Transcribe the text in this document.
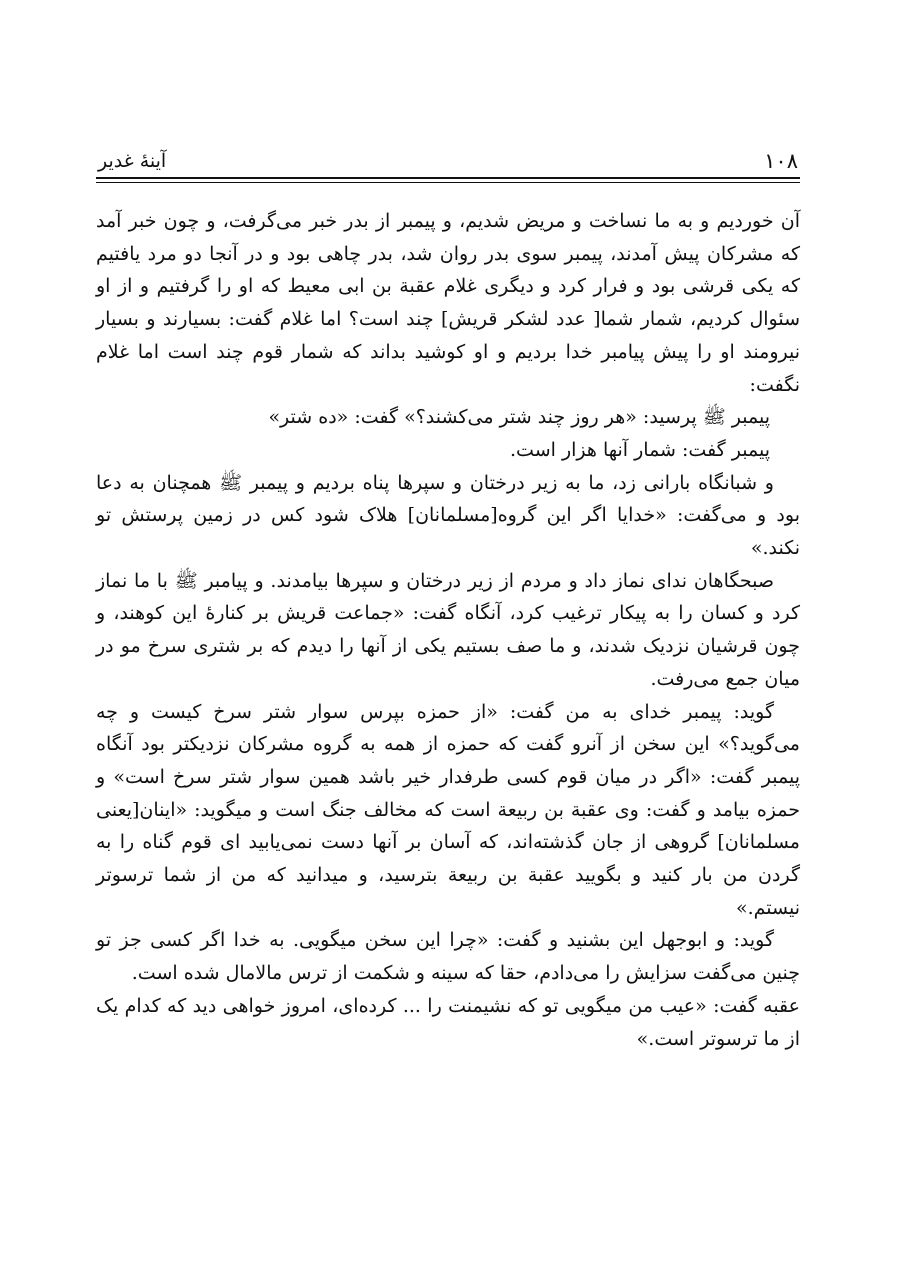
۱۰۸
آینهٔ غدیر

آن خوردیم و به ما نساخت و مریض شدیم، و پیمبر از بدر خبر می‌گرفت، و چون خبر آمد که مشرکان پیش آمدند، پیمبر سوی بدر روان شد، بدر چاهی بود و در آنجا دو مرد یافتیم که یکی قرشی بود و فرار کرد و دیگری غلام عقبة بن ابی معیط که او را گرفتیم و از او سئوال کردیم، شمار شما[ عدد لشکر قریش] چند است؟ اما غلام گفت: بسیارند و بسیار نیرومند او را پیش پیامبر خدا بردیم و او کوشید بداند که شمار قوم چند است اما غلام نگفت:

پیمبر ﷺ پرسید: «هر روز چند شتر می‌کشند؟» گفت: «ده شتر»

پیمبر گفت: شمار آنها هزار است.

و شبانگاه بارانی زد، ما به زیر درختان و سپرها پناه بردیم و پیمبر ﷺ همچنان به دعا بود و می‌گفت: «خدایا اگر این گروه[مسلمانان] هلاک شود کس در زمین پرستش تو نکند.»

صبحگاهان ندای نماز داد و مردم از زیر درختان و سپرها بیامدند. و پیامبر ﷺ با ما نماز کرد و کسان را به پیکار ترغیب کرد، آنگاه گفت: «جماعت قریش بر کنارهٔ این کوهند، و چون قرشیان نزدیک شدند، و ما صف بستیم یکی از آنها را دیدم که بر شتری سرخ مو در میان جمع می‌رفت.

گوید: پیمبر خدای به من گفت: «از حمزه بپرس سوار شتر سرخ کیست و چه می‌گوید؟» این سخن از آنرو گفت که حمزه از همه به گروه مشرکان نزدیکتر بود آنگاه پیمبر گفت: «اگر در میان قوم کسی طرفدار خیر باشد همین سوار شتر سرخ است» و حمزه بیامد و گفت: وی عقبة بن ربیعة است که مخالف جنگ است و میگوید: «اینان[یعنی مسلمانان] گروهی از جان گذشته‌اند، که آسان بر آنها دست نمی‌یابید ای قوم گناه را به گردن من بار کنید و بگویید عقبة بن ربیعة بترسید، و میدانید که من از شما ترسوتر نیستم.»

گوید: و ابوجهل این بشنید و گفت: «چرا این سخن میگویی. به خدا اگر کسی جز تو چنین می‌گفت سزایش را می‌دادم، حقا که سینه و شکمت از ترس مالامال شده است.

عقبه گفت: «عیب من میگویی تو که نشیمنت را ... کرده‌ای، امروز خواهی دید که کدام یک از ما ترسوتر است.»
